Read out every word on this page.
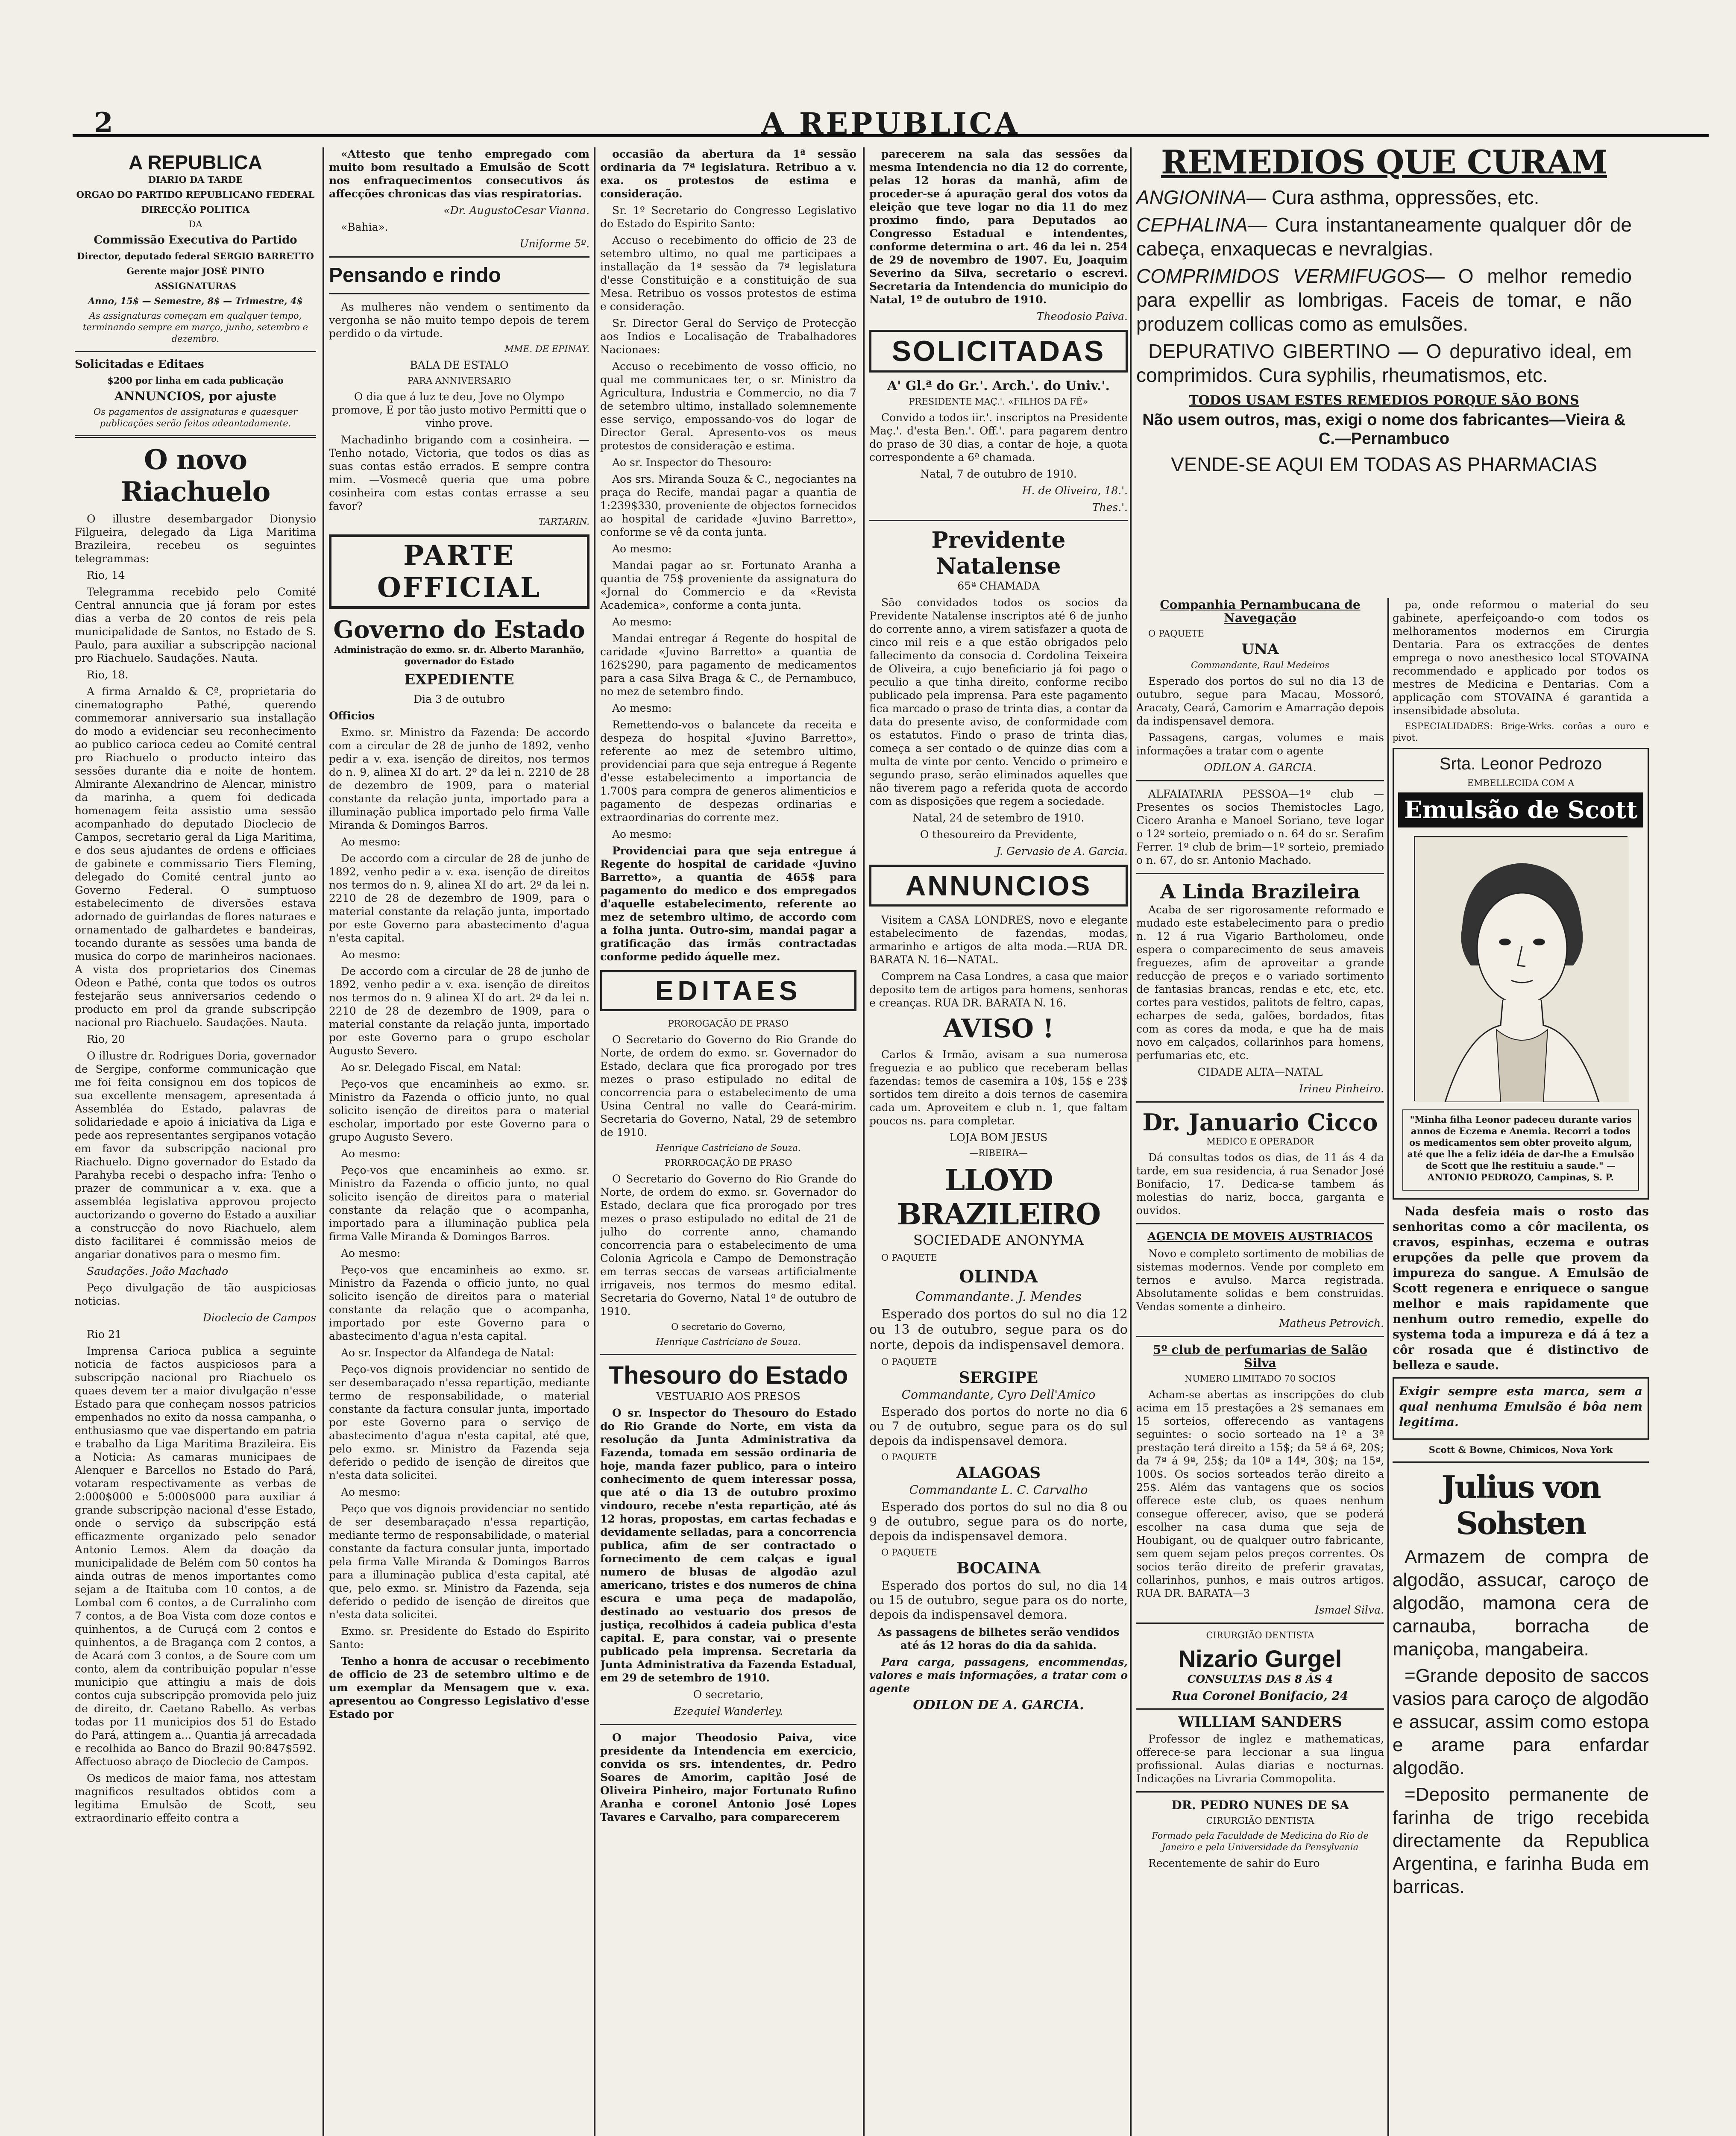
2	A REPUBLICA
A REPUBLICA

DIARIO DA TARDE

ORGAO DO PARTIDO REPUBLICANO FEDERAL

DIRECÇÃO POLITICA

DA

Commissão Executiva do Partido

Director, deputado federal SERGIO BARRETTO

Gerente major JOSÉ PINTO

ASSIGNATURAS

Anno, 15$ — Semestre, 8$ — Trimestre, 4$

As assignaturas começam em qualquer tempo, terminando sempre em março, junho, setembro e dezembro.

Solicitadas e Editaes

$200 por linha em cada publicação

ANNUNCIOS, por ajuste

Os pagamentos de assignaturas e quaesquer publicações serão feitos adeantadamente.

O novo Riachuelo

O illustre desembargador Dionysio Filgueira, delegado da Liga Maritima Brazileira, recebeu os seguintes telegrammas:

Rio, 14

Telegramma recebido pelo Comité Central annuncia que já foram por estes dias a verba de 20 contos de reis pela municipalidade de Santos, no Estado de S. Paulo, para auxiliar a subscripção nacional pro Riachuelo. Saudações. Nauta.

Rio, 18.

A firma Arnaldo & Cª, proprietaria do cinematographo Pathé, querendo commemorar anniversario sua installação do modo a evidenciar seu reconhecimento ao publico carioca cedeu ao Comité central pro Riachuelo o producto inteiro das sessões durante dia e noite de hontem. Almirante Alexandrino de Alencar, ministro da marinha, a quem foi dedicada homenagem feita assistio uma sessão acompanhado do deputado Dioclecio de Campos, secretario geral da Liga Maritima, e dos seus ajudantes de ordens e officiaes de gabinete e commissario Tiers Fleming, delegado do Comité central junto ao Governo Federal. O sumptuoso estabelecimento de diversões estava adornado de guirlandas de flores naturaes e ornamentado de galhardetes e bandeiras, tocando durante as sessões uma banda de musica do corpo de marinheiros nacionaes. A vista dos proprietarios dos Cinemas Odeon e Pathé, conta que todos os outros festejarão seus anniversarios cedendo o producto em prol da grande subscripção nacional pro Riachuelo. Saudações. Nauta.

Rio, 20

O illustre dr. Rodrigues Doria, governador de Sergipe, conforme communicação que me foi feita consignou em dos topicos de sua excellente mensagem, apresentada á Assembléa do Estado, palavras de solidariedade e apoio á iniciativa da Liga e pede aos representantes sergipanos votação em favor da subscripção nacional pro Riachuelo. Digno governador do Estado da Parahyba recebi o despacho infra: Tenho o prazer de communicar a v. exa. que a assembléa legislativa approvou projecto auctorizando o governo do Estado a auxiliar a construcção do novo Riachuelo, alem disto facilitarei é commissão meios de angariar donativos para o mesmo fim.

Saudações. João Machado

Peço divulgação de tão auspiciosas noticias.

Dioclecio de Campos

Rio 21

Imprensa Carioca publica a seguinte noticia de factos auspiciosos para a subscripção nacional pro Riachuelo os quaes devem ter a maior divulgação n'esse Estado para que conheçam nossos patricios empenhados no exito da nossa campanha, o enthusiasmo que vae dispertando em patria e trabalho da Liga Maritima Brazileira. Eis a Noticia: As camaras municipaes de Alenquer e Barcellos no Estado do Pará, votaram respectivamente as verbas de 2:000$000 e 5:000$000 para auxiliar á grande subscripção nacional d'esse Estado, onde o serviço da subscripção está efficazmente organizado pelo senador Antonio Lemos. Alem da doação da municipalidade de Belém com 50 contos ha ainda outras de menos importantes como sejam a de Itaituba com 10 contos, a de Lombal com 6 contos, a de Curralinho com 7 contos, a de Boa Vista com doze contos e quinhentos, a de Curuçá com 2 contos e quinhentos, a de Bragança com 2 contos, a de Acará com 3 contos, a de Soure com um conto, alem da contribuição popular n'esse municipio que attingiu a mais de dois contos cuja subscripção promovida pelo juiz de direito, dr. Caetano Rabello. As verbas todas por 11 municipios dos 51 do Estado do Pará, attingem a... Quantia já arrecadada e recolhida ao Banco do Brazil 90:847$592. Affectuoso abraço de Dioclecio de Campos.

Os medicos de maior fama, nos attestam magnificos resultados obtidos com a legitima Emulsão de Scott, seu extraordinario effeito contra a

«Attesto que tenho empregado com muito bom resultado a Emulsão de Scott nos enfraquecimentos consecutivos ás affecções chronicas das vias respiratorias.

«Dr. AugustoCesar Vianna.

«Bahia».

Uniforme 5º.

Pensando e rindo

As mulheres não vendem o sentimento da vergonha se não muito tempo depois de terem perdido o da virtude.

MME. DE EPINAY.

BALA DE ESTALO

PARA ANNIVERSARIO

O dia que á luz te deu, Jove no Olympo promove, E por tão justo motivo Permitti que o vinho prove.

Machadinho brigando com a cosinheira. —Tenho notado, Victoria, que todos os dias as suas contas estão errados. E sempre contra mim. —Vosmecê queria que uma pobre cosinheira com estas contas errasse a seu favor?

TARTARIN.

PARTE OFFICIAL
Governo do Estado

Administração do exmo. sr. dr. Alberto Maranhão, governador do Estado

EXPEDIENTE

Dia 3 de outubro

Officios

Exmo. sr. Ministro da Fazenda: De accordo com a circular de 28 de junho de 1892, venho pedir a v. exa. isenção de direitos, nos termos do n. 9, alinea XI do art. 2º da lei n. 2210 de 28 de dezembro de 1909, para o material constante da relação junta, importado para a illuminação publica importado pelo firma Valle Miranda & Domingos Barros.

Ao mesmo:

De accordo com a circular de 28 de junho de 1892, venho pedir a v. exa. isenção de direitos nos termos do n. 9, alinea XI do art. 2º da lei n. 2210 de 28 de dezembro de 1909, para o material constante da relação junta, importado por este Governo para abastecimento d'agua n'esta capital.

Ao mesmo:

De accordo com a circular de 28 de junho de 1892, venho pedir a v. exa. isenção de direitos nos termos do n. 9 alinea XI do art. 2º da lei n. 2210 de 28 de dezembro de 1909, para o material constante da relação junta, importado por este Governo para o grupo escholar Augusto Severo.

Ao sr. Delegado Fiscal, em Natal:

Peço-vos que encaminheis ao exmo. sr. Ministro da Fazenda o officio junto, no qual solicito isenção de direitos para o material escholar, importado por este Governo para o grupo Augusto Severo.

Ao mesmo:

Peço-vos que encaminheis ao exmo. sr. Ministro da Fazenda o officio junto, no qual solicito isenção de direitos para o material constante da relação que o acompanha, importado para a illuminação publica pela firma Valle Miranda & Domingos Barros.

Ao mesmo:

Peço-vos que encaminheis ao exmo. sr. Ministro da Fazenda o officio junto, no qual solicito isenção de direitos para o material constante da relação que o acompanha, importado por este Governo para o abastecimento d'agua n'esta capital.

Ao sr. Inspector da Alfandega de Natal:

Peço-vos dignois providenciar no sentido de ser desembaraçado n'essa repartição, mediante termo de responsabilidade, o material constante da factura consular junta, importado por este Governo para o serviço de abastecimento d'agua n'esta capital, até que, pelo exmo. sr. Ministro da Fazenda seja deferido o pedido de isenção de direitos que n'esta data solicitei.

Ao mesmo:

Peço que vos dignois providenciar no sentido de ser desembaraçado n'essa repartição, mediante termo de responsabilidade, o material constante da factura consular junta, importado pela firma Valle Miranda & Domingos Barros para a illuminação publica d'esta capital, até que, pelo exmo. sr. Ministro da Fazenda, seja deferido o pedido de isenção de direitos que n'esta data solicitei.

Exmo. sr. Presidente do Estado do Espirito Santo:

Tenho a honra de accusar o recebimento de officio de 23 de setembro ultimo e de um exemplar da Mensagem que v. exa. apresentou ao Congresso Legislativo d'esse Estado por

occasião da abertura da 1ª sessão ordinaria da 7ª legislatura. Retribuo a v. exa. os protestos de estima e consideração.

Sr. 1º Secretario do Congresso Legislativo do Estado do Espirito Santo:

Accuso o recebimento do officio de 23 de setembro ultimo, no qual me participaes a installação da 1ª sessão da 7ª legislatura d'esse Constituição e a constituição de sua Mesa. Retribuo os vossos protestos de estima e consideração.

Sr. Director Geral do Serviço de Protecção aos Indios e Localisação de Trabalhadores Nacionaes:

Accuso o recebimento de vosso officio, no qual me communicaes ter, o sr. Ministro da Agricultura, Industria e Commercio, no dia 7 de setembro ultimo, installado solemnemente esse serviço, empossando-vos do logar de Director Geral. Apresento-vos os meus protestos de consideração e estima.

Ao sr. Inspector do Thesouro:

Aos srs. Miranda Souza & C., negociantes na praça do Recife, mandai pagar a quantia de 1:239$330, proveniente de objectos fornecidos ao hospital de caridade «Juvino Barretto», conforme se vê da conta junta.

Ao mesmo:

Mandai pagar ao sr. Fortunato Aranha a quantia de 75$ proveniente da assignatura do «Jornal do Commercio e da «Revista Academica», conforme a conta junta.

Ao mesmo:

Mandai entregar á Regente do hospital de caridade «Juvino Barretto» a quantia de 162$290, para pagamento de medicamentos para a casa Silva Braga & C., de Pernambuco, no mez de setembro findo.

Ao mesmo:

Remettendo-vos o balancete da receita e despeza do hospital «Juvino Barretto», referente ao mez de setembro ultimo, providenciai para que seja entregue á Regente d'esse estabelecimento a importancia de 1.700$ para compra de generos alimenticios e pagamento de despezas ordinarias e extraordinarias do corrente mez.

Ao mesmo:

Providenciai para que seja entregue á Regente do hospital de caridade «Juvino Barretto», a quantia de 465$ para pagamento do medico e dos empregados d'aquelle estabelecimento, referente ao mez de setembro ultimo, de accordo com a folha junta. Outro-sim, mandai pagar a gratificação das irmãs contractadas conforme pedido áquelle mez.

EDITAES

PROROGAÇÃO DE PRASO

O Secretario do Governo do Rio Grande do Norte, de ordem do exmo. sr. Governador do Estado, declara que fica prorogado por tres mezes o praso estipulado no edital de concorrencia para o estabelecimento de uma Usina Central no valle do Ceará-mirim. Secretaria do Governo, Natal, 29 de setembro de 1910.

Henrique Castriciano de Souza.

PRORROGAÇÃO DE PRASO

O Secretario do Governo do Rio Grande do Norte, de ordem do exmo. sr. Governador do Estado, declara que fica prorogado por tres mezes o praso estipulado no edital de 21 de julho do corrente anno, chamando concorrencia para o estabelecimento de uma Colonia Agricola e Campo de Demonstração em terras seccas de varseas artificialmente irrigaveis, nos termos do mesmo edital. Secretaria do Governo, Natal 1º de outubro de 1910.

O secretario do Governo,

Henrique Castriciano de Souza.

Thesouro do Estado

VESTUARIO AOS PRESOS

O sr. Inspector do Thesouro do Estado do Rio Grande do Norte, em vista da resolução da Junta Administrativa da Fazenda, tomada em sessão ordinaria de hoje, manda fazer publico, para o inteiro conhecimento de quem interessar possa, que até o dia 13 de outubro proximo vindouro, recebe n'esta repartição, até ás 12 horas, propostas, em cartas fechadas e devidamente selladas, para a concorrencia publica, afim de ser contractado o fornecimento de cem calças e igual numero de blusas de algodão azul americano, tristes e dos numeros de china escura e uma peça de madapolão, destinado ao vestuario dos presos de justiça, recolhidos á cadeia publica d'esta capital. E, para constar, vai o presente publicado pela imprensa. Secretaria da Junta Administrativa da Fazenda Estadual, em 29 de setembro de 1910.

O secretario,

Ezequiel Wanderley.

O major Theodosio Paiva, vice presidente da Intendencia em exercicio, convida os srs. intendentes, dr. Pedro Soares de Amorim, capitão José de Oliveira Pinheiro, major Fortunato Rufino Aranha e coronel Antonio José Lopes Tavares e Carvalho, para comparecerem

parecerem na sala das sessões da mesma Intendencia no dia 12 do corrente, pelas 12 horas da manhã, afim de proceder-se á apuração geral dos votos da eleição que teve logar no dia 11 do mez proximo findo, para Deputados ao Congresso Estadual e intendentes, conforme determina o art. 46 da lei n. 254 de 29 de novembro de 1907. Eu, Joaquim Severino da Silva, secretario o escrevi. Secretaria da Intendencia do municipio do Natal, 1º de outubro de 1910.

Theodosio Paiva.

SOLICITADAS

A' Gl.ª do Gr.'. Arch.'. do Univ.'.

PRESIDENTE MAÇ.'. «FILHOS DA FÉ»

Convido a todos iir.'. inscriptos na Presidente Maç.'. d'esta Ben.'. Off.'. para pagarem dentro do praso de 30 dias, a contar de hoje, a quota correspondente a 6ª chamada.

Natal, 7 de outubro de 1910.

H. de Oliveira, 18.'.

Thes.'.

Previdente Natalense

65ª CHAMADA

São convidados todos os socios da Previdente Natalense inscriptos até 6 de junho do corrente anno, a virem satisfazer a quota de cinco mil reis e a que estão obrigados pelo fallecimento da consocia d. Cordolina Teixeira de Oliveira, a cujo beneficiario já foi pago o peculio a que tinha direito, conforme recibo publicado pela imprensa. Para este pagamento fica marcado o praso de trinta dias, a contar da data do presente aviso, de conformidade com os estatutos. Findo o praso de trinta dias, começa a ser contado o de quinze dias com a multa de vinte por cento. Vencido o primeiro e segundo praso, serão eliminados aquelles que não tiverem pago a referida quota de accordo com as disposições que regem a sociedade.

Natal, 24 de setembro de 1910.

O thesoureiro da Previdente,

J. Gervasio de A. Garcia.

ANNUNCIOS

Visitem a CASA LONDRES, novo e elegante estabelecimento de fazendas, modas, armarinho e artigos de alta moda.—RUA DR. BARATA N. 16—NATAL.

Comprem na Casa Londres, a casa que maior deposito tem de artigos para homens, senhoras e creanças. RUA DR. BARATA N. 16.

AVISO !

Carlos & Irmão, avisam a sua numerosa freguezia e ao publico que receberam bellas fazendas: temos de casemira a 10$, 15$ e 23$ sortidos tem direito a dois ternos de casemira cada um. Aproveitem e club n. 1, que faltam poucos ns. para completar.

LOJA BOM JESUS

—RIBEIRA—

LLOYD BRAZILEIRO

SOCIEDADE ANONYMA

O PAQUETE

OLINDA

Commandante. J. Mendes

Esperado dos portos do sul no dia 12 ou 13 de outubro, segue para os do norte, depois da indispensavel demora.

O PAQUETE

SERGIPE

Commandante, Cyro Dell'Amico

Esperado dos portos do norte no dia 6 ou 7 de outubro, segue para os do sul depois da indispensavel demora.

O PAQUETE

ALAGOAS

Commandante L. C. Carvalho

Esperado dos portos do sul no dia 8 ou 9 de outubro, segue para os do norte, depois da indispensavel demora.

O PAQUETE

BOCAINA

Esperado dos portos do sul, no dia 14 ou 15 de outubro, segue para os do norte, depois da indispensavel demora.

As passagens de bilhetes serão vendidos até ás 12 horas do dia da sahida.

Para carga, passagens, encommendas, valores e mais informações, a tratar com o agente

ODILON DE A. GARCIA.

REMEDIOS QUE CURAM

ANGIONINA— Cura asthma, oppressões, etc.

CEPHALINA— Cura instantaneamente qualquer dôr de cabeça, enxaquecas e nevralgias.

COMPRIMIDOS VERMIFUGOS— O melhor remedio para expellir as lombrigas. Faceis de tomar, e não produzem collicas como as emulsões.

DEPURATIVO GIBERTINO — O depurativo ideal, em comprimidos. Cura syphilis, rheumatismos, etc.

TODOS USAM ESTES REMEDIOS PORQUE SÃO BONS

Não usem outros, mas, exigi o nome dos fabricantes—Vieira & C.—Pernambuco

VENDE-SE AQUI EM TODAS AS PHARMACIAS

Companhia Pernambucana de Navegação

O PAQUETE

UNA

Commandante, Raul Medeiros

Esperado dos portos do sul no dia 13 de outubro, segue para Macau, Mossoró, Aracaty, Ceará, Camorim e Amarração depois da indispensavel demora.

Passagens, cargas, volumes e mais informações a tratar com o agente

ODILON A. GARCIA.

ALFAIATARIA PESSOA—1º club —Presentes os socios Themistocles Lago, Cicero Aranha e Manoel Soriano, teve logar o 12º sorteio, premiado o n. 64 do sr. Serafim Ferrer. 1º club de brim—1º sorteio, premiado o n. 67, do sr. Antonio Machado.

A Linda Brazileira

Acaba de ser rigorosamente reformado e mudado este estabelecimento para o predio n. 12 á rua Vigario Bartholomeu, onde espera o comparecimento de seus amaveis freguezes, afim de aproveitar a grande reducção de preços e o variado sortimento de fantasias brancas, rendas e etc, etc, etc. cortes para vestidos, palitots de feltro, capas, echarpes de seda, galões, bordados, fitas com as cores da moda, e que ha de mais novo em calçados, collarinhos para homens, perfumarias etc, etc.

CIDADE ALTA—NATAL

Irineu Pinheiro.

Dr. Januario Cicco

MEDICO E OPERADOR

Dá consultas todos os dias, de 11 ás 4 da tarde, em sua residencia, á rua Senador José Bonifacio, 17. Dedica-se tambem ás molestias do nariz, bocca, garganta e ouvidos.

AGENCIA DE MOVEIS AUSTRIACOS

Novo e completo sortimento de mobilias de sistemas modernos. Vende por completo em ternos e avulso. Marca registrada. Absolutamente solidas e bem construidas. Vendas somente a dinheiro.

Matheus Petrovich.

5º club de perfumarias de Salão Silva

NUMERO LIMITADO 70 SOCIOS

Acham-se abertas as inscripções do club acima em 15 prestações a 2$ semanaes em 15 sorteios, offerecendo as vantagens seguintes: o socio sorteado na 1ª a 3ª prestação terá direito a 15$; da 5ª á 6ª, 20$; da 7ª á 9ª, 25$; da 10ª a 14ª, 30$; na 15ª, 100$. Os socios sorteados terão direito a 25$. Além das vantagens que os socios offerece este club, os quaes nenhum consegue offerecer, aviso, que se poderá escolher na casa duma que seja de Houbigant, ou de qualquer outro fabricante, sem quem sejam pelos preços correntes. Os socios terão direito de preferir gravatas, collarinhos, punhos, e mais outros artigos. RUA DR. BARATA—3

Ismael Silva.

CIRURGIÃO DENTISTA

Nizario Gurgel

CONSULTAS DAS 8 ÁS 4

Rua Coronel Bonifacio, 24

WILLIAM SANDERS

Professor de inglez e mathematicas, offerece-se para leccionar a sua lingua profissional. Aulas diarias e nocturnas. Indicações na Livraria Commopolita.

DR. PEDRO NUNES DE SA

CIRURGIÃO DENTISTA

Formado pela Faculdade de Medicina do Rio de Janeiro e pela Universidade da Pensylvania

Recentemente de sahir do Euro

pa, onde reformou o material do seu gabinete, aperfeiçoando-o com todos os melhoramentos modernos em Cirurgia Dentaria. Para os extracções de dentes emprega o novo anesthesico local STOVAINA recommendado e applicado por todos os mestres de Medicina e Dentarias. Com a applicação com STOVAINA é garantida a insensibidade absoluta.

ESPECIALIDADES: Brige-Wrks. corôas a ouro e pivot.

Srta. Leonor Pedrozo

EMBELLECIDA COM A

Emulsão de Scott

"Minha filha Leonor padeceu durante varios annos de Eczema e Anemia. Recorri a todos os medicamentos sem obter proveito algum, até que lhe a feliz idéia de dar-lhe a Emulsão de Scott que lhe restituiu a saude." —ANTONIO PEDROZO, Campinas, S. P.

Nada desfeia mais o rosto das senhoritas como a côr macilenta, os cravos, espinhas, eczema e outras erupções da pelle que provem da impureza do sangue. A Emulsão de Scott regenera e enriquece o sangue melhor e mais rapidamente que nenhum outro remedio, expelle do systema toda a impureza e dá á tez a côr rosada que é distinctivo de belleza e saude.

Exigir sempre esta marca, sem a qual nenhuma Emulsão é bôa nem legitima.

Scott & Bowne, Chimicos, Nova York

Julius von Sohsten

Armazem de compra de algodão, assucar, caroço de algodão, mamona cera de carnauba, borracha de maniçoba, mangabeira.

=Grande deposito de saccos vasios para caroço de algodão e assucar, assim como estopa e arame para enfardar algodão.

=Deposito permanente de farinha de trigo recebida directamente da Republica Argentina, e farinha Buda em barricas.
